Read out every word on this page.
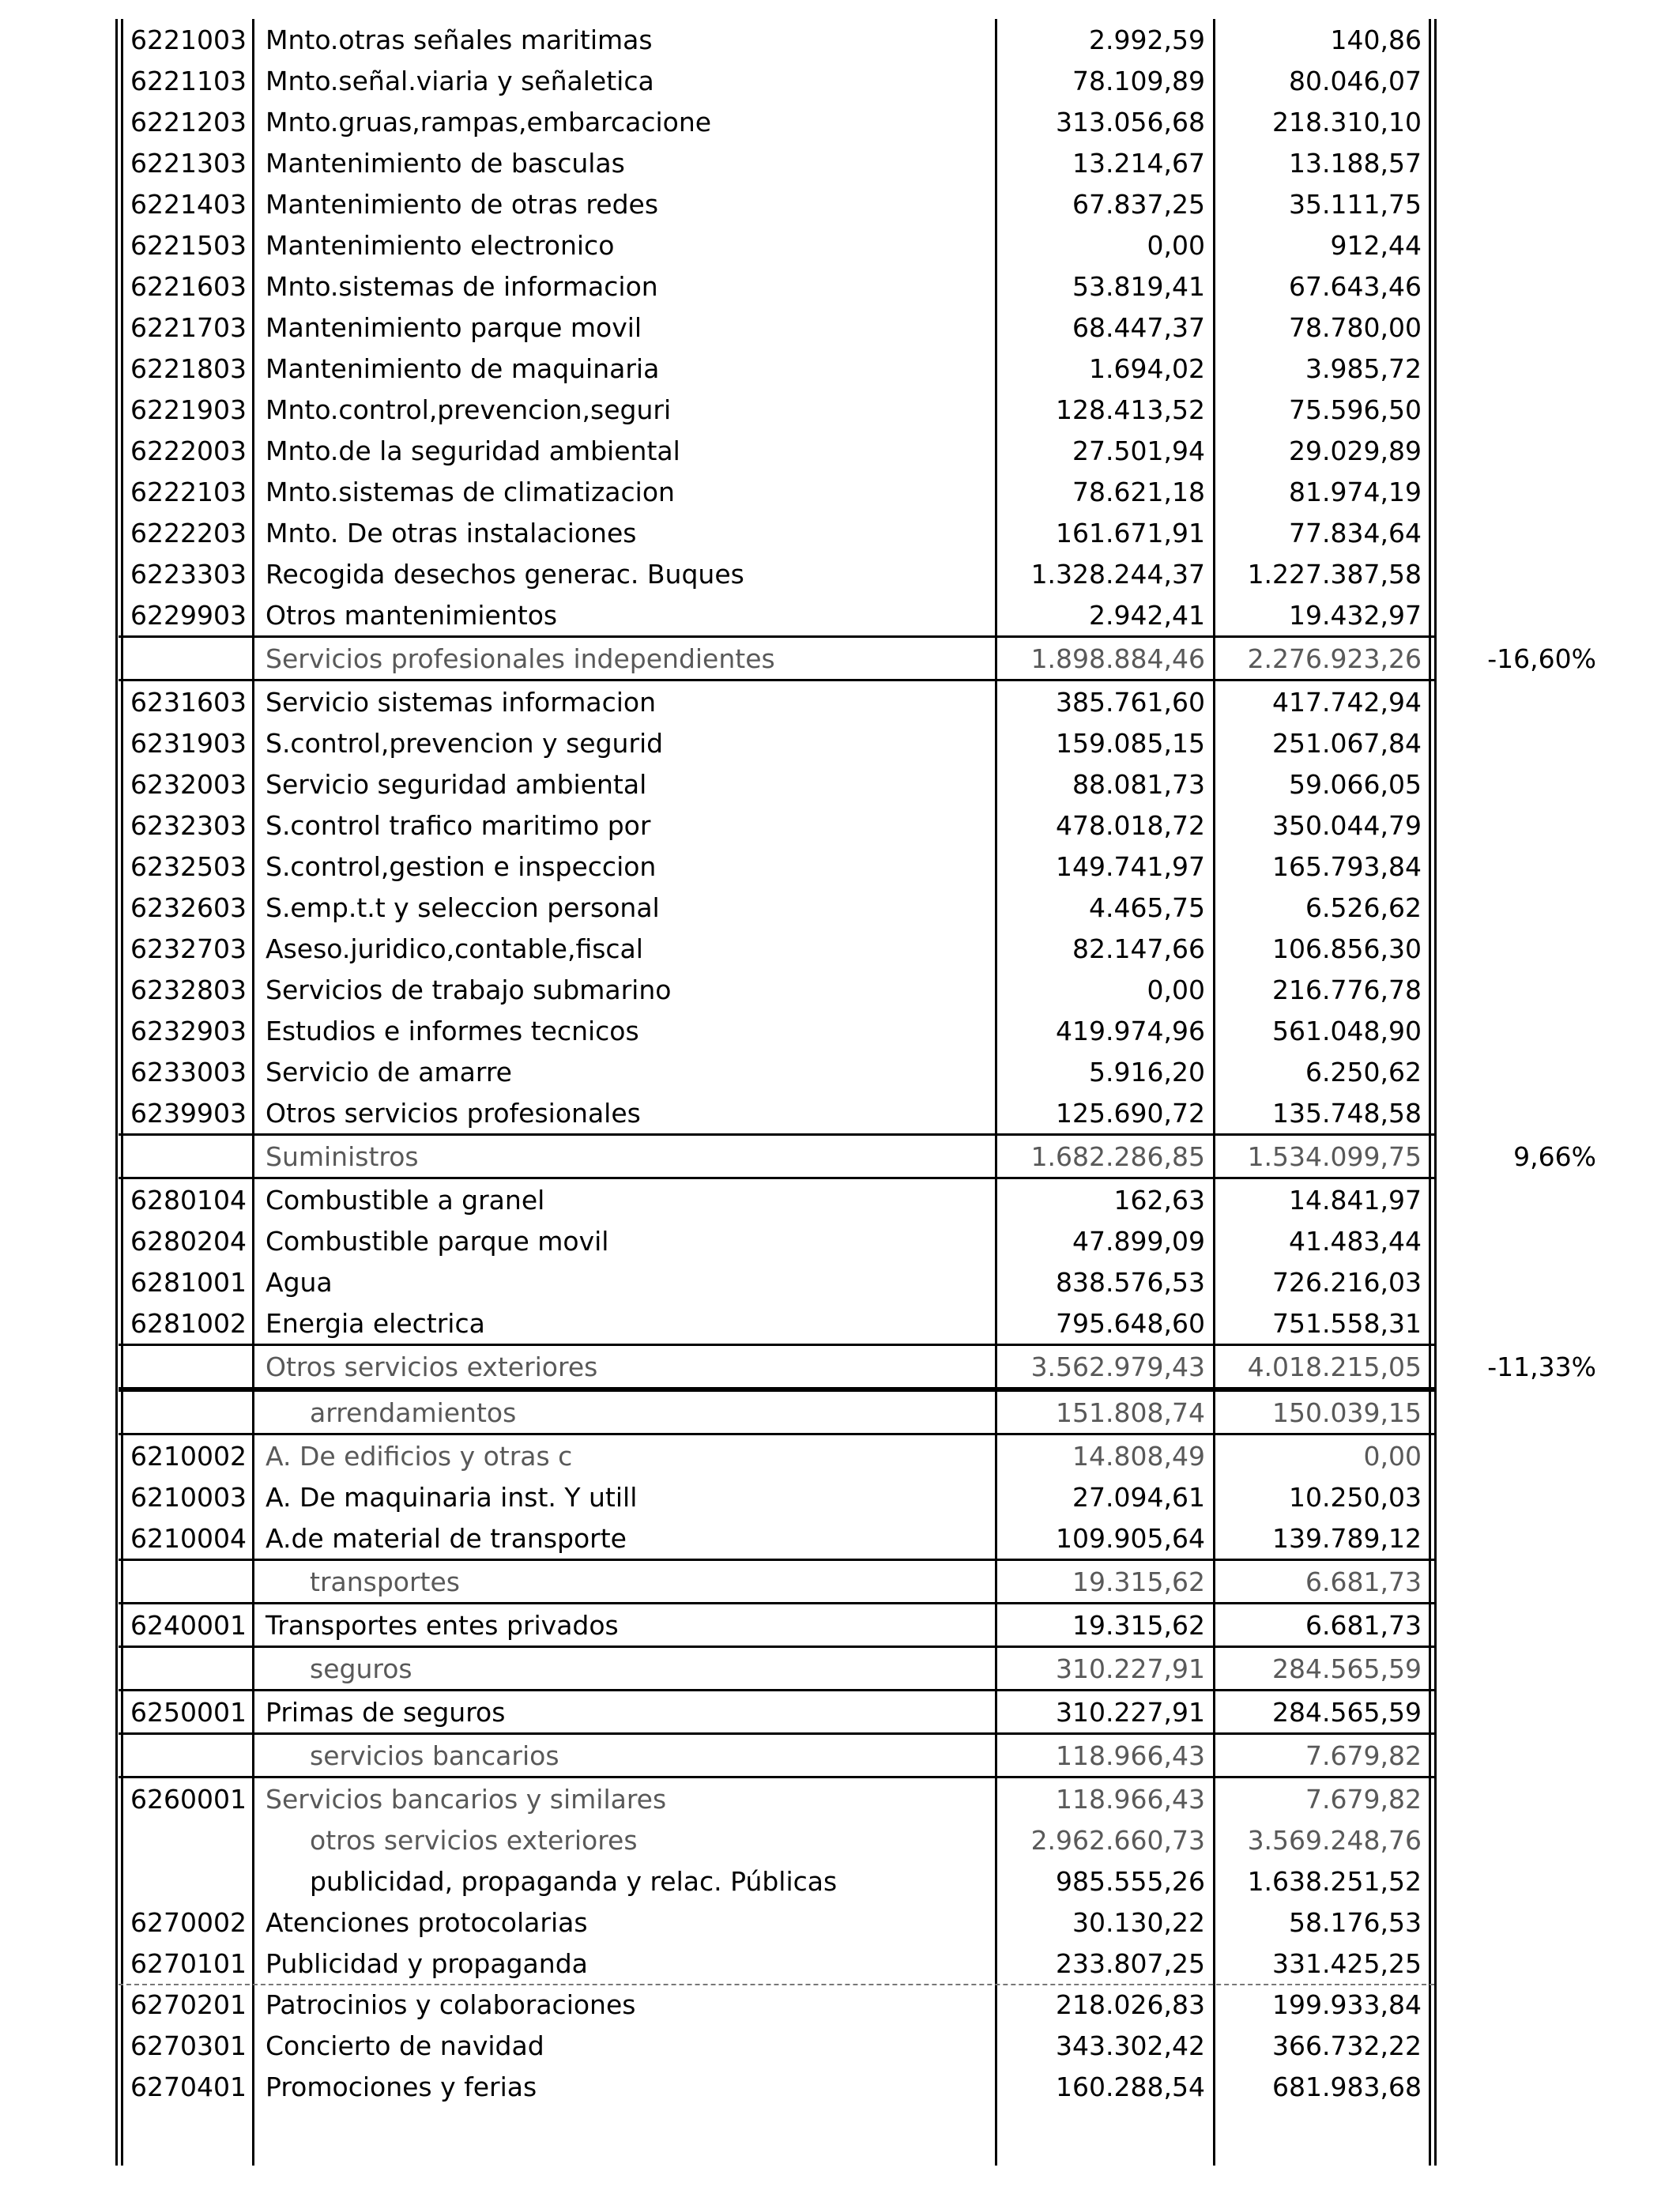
6221003 Mnto.otras señales maritimas	2.992,59	140,86
6221103 Mnto.señal.viaria y señaletica	78.109,89	80.046,07
6221203 Mnto.gruas,rampas,embarcacione	313.056,68	218.310,10
6221303 Mantenimiento de basculas	13.214,67	13.188,57
6221403 Mantenimiento de otras redes	67.837,25	35.111,75
6221503 Mantenimiento electronico	0,00	912,44
6221603 Mnto.sistemas de informacion	53.819,41	67.643,46
6221703 Mantenimiento parque movil	68.447,37	78.780,00
6221803 Mantenimiento de maquinaria	1.694,02	3.985,72
6221903 Mnto.control,prevencion,seguri	128.413,52	75.596,50
6222003 Mnto.de la seguridad ambiental	27.501,94	29.029,89
6222103 Mnto.sistemas de climatizacion	78.621,18	81.974,19
6222203 Mnto. De otras instalaciones	161.671,91	77.834,64
6223303 Recogida desechos generac. Buques	1.328.244,37	1.227.387,58
6229903 Otros mantenimientos	2.942,41	19.432,97
Servicios profesionales independientes	1.898.884,46	2.276.923,26	-16,60%
6231603 Servicio sistemas informacion	385.761,60	417.742,94
6231903 S.control,prevencion y segurid	159.085,15	251.067,84
6232003 Servicio seguridad ambiental	88.081,73	59.066,05
6232303 S.control trafico maritimo por	478.018,72	350.044,79
6232503 S.control,gestion e inspeccion	149.741,97	165.793,84
6232603 S.emp.t.t y seleccion personal	4.465,75	6.526,62
6232703 Aseso.juridico,contable,fiscal	82.147,66	106.856,30
6232803 Servicios de trabajo submarino	0,00	216.776,78
6232903 Estudios e informes tecnicos	419.974,96	561.048,90
6233003 Servicio de amarre	5.916,20	6.250,62
6239903 Otros servicios profesionales	125.690,72	135.748,58
Suministros	1.682.286,85	1.534.099,75	9,66%
6280104 Combustible a granel	162,63	14.841,97
6280204 Combustible parque movil	47.899,09	41.483,44
6281001 Agua	838.576,53	726.216,03
6281002 Energia electrica	795.648,60	751.558,31
Otros servicios exteriores	3.562.979,43	4.018.215,05	-11,33%
arrendamientos	151.808,74	150.039,15
6210002 A. De edificios y otras c	14.808,49	0,00
6210003 A. De maquinaria inst. Y utill	27.094,61	10.250,03
6210004 A.de material de transporte	109.905,64	139.789,12
transportes	19.315,62	6.681,73
6240001 Transportes entes privados	19.315,62	6.681,73
seguros	310.227,91	284.565,59
6250001 Primas de seguros	310.227,91	284.565,59
servicios bancarios	118.966,43	7.679,82
6260001 Servicios bancarios y similares	118.966,43	7.679,82
otros servicios exteriores	2.962.660,73	3.569.248,76
publicidad, propaganda y relac. Públicas	985.555,26	1.638.251,52
6270002 Atenciones protocolarias	30.130,22	58.176,53
6270101 Publicidad y propaganda	233.807,25	331.425,25
6270201 Patrocinios y colaboraciones	218.026,83	199.933,84
6270301 Concierto de navidad	343.302,42	366.732,22
6270401 Promociones y ferias	160.288,54	681.983,68
